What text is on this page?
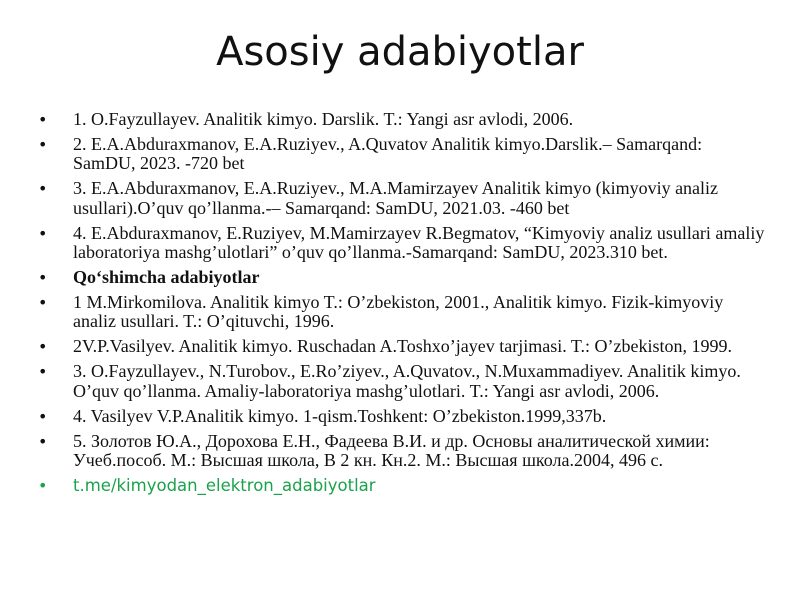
Asosiy adabiyotlar
• 1. O.Fayzullayev. Analitik kimyo. Darslik. T.: Yangi asr avlodi, 2006.
• 2. E.A.Abduraxmanov, E.A.Ruziyev., A.Quvatov Analitik kimyo.Darslik.– Samarqand: SamDU, 2023. -720 bet
• 3. E.A.Abduraxmanov, E.A.Ruziyev., M.A.Mamirzayev Analitik kimyo (kimyoviy analiz usullari).O’quv qo’llanma.-– Samarqand: SamDU, 2021.03. -460 bet
• 4. E.Abduraxmanov, E.Ruziyev, M.Mamirzayev R.Begmatov, “Kimyoviy analiz usullari amaliy laboratoriya mashg’ulotlari” o’quv qo’llanma.-Samarqand: SamDU, 2023.310 bet.
• Qo‘shimcha adabiyotlar
• 1 M.Mirkomilova. Analitik kimyo T.: O’zbekiston, 2001., Analitik kimyo. Fizik-kimyoviy analiz usullari. T.: O’qituvchi, 1996.
• 2V.P.Vasilyev. Analitik kimyo. Ruschadan A.Toshxo’jayev tarjimasi. T.: O’zbekiston, 1999.
• 3. O.Fayzullayev., N.Turobov., E.Ro’ziyev., A.Quvatov., N.Muxammadiyev. Analitik kimyo. O’quv qo’llanma. Amaliy-laboratoriya mashg’ulotlari. T.: Yangi asr avlodi, 2006.
• 4. Vasilyev V.P.Analitik kimyo. 1-qism.Toshkent: O’zbekiston.1999,337b.
• 5. Золотов Ю.А., Дорохова Е.Н., Фадеева В.И. и др. Основы аналитической химии: Учеб.пособ. М.: Высшая школа, В 2 кн. Кн.2. М.: Высшая школа.2004, 496 с.
• t.me/kimyodan_elektron_adabiyotlar
